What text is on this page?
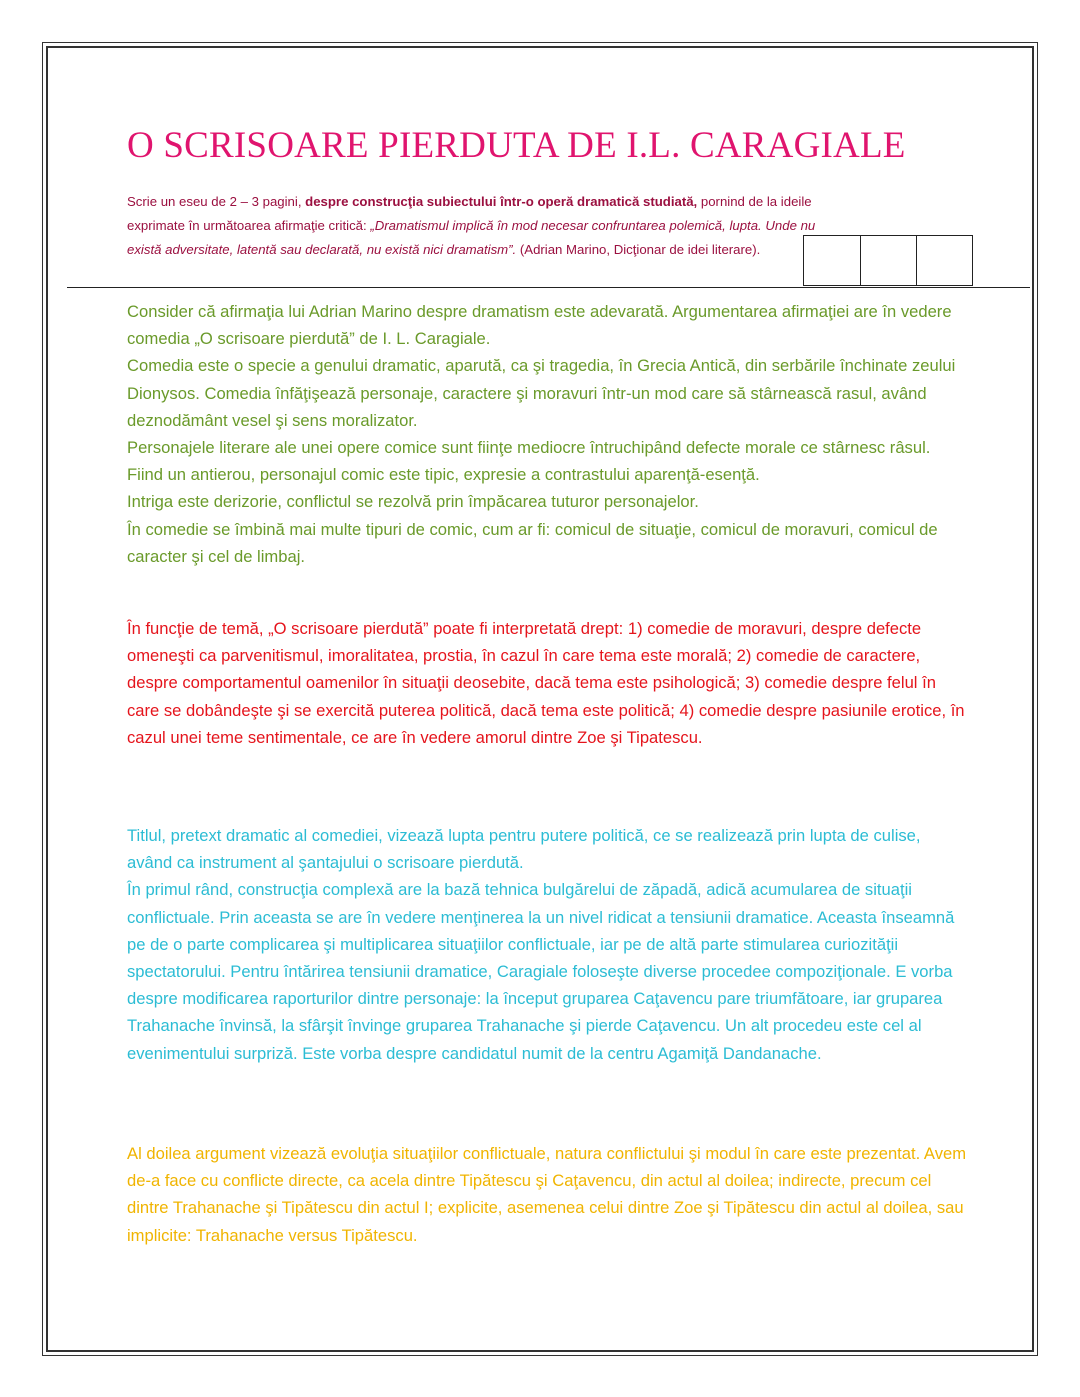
O SCRISOARE PIERDUTA DE I.L. CARAGIALE
Scrie un eseu de 2 – 3 pagini, despre construcţia subiectului într-o operă dramatică studiată, pornind de la ideile exprimate în următoarea afirmaţie critică: „Dramatismul implică în mod necesar confruntarea polemică, lupta. Unde nu există adversitate, latentă sau declarată, nu există nici dramatism”. (Adrian Marino, Dicţionar de idei literare).

Consider că afirmaţia lui Adrian Marino despre dramatism este adevarată. Argumentarea afirmaţiei are în vedere comedia „O scrisoare pierdută” de I. L. Caragiale.

Comedia este o specie a genului dramatic, aparută, ca şi tragedia, în Grecia Antică, din serbările închinate zeului Dionysos. Comedia înfăţişează personaje, caractere şi moravuri într-un mod care să stârnească rasul, având deznodământ vesel şi sens moralizator.

Personajele literare ale unei opere comice sunt fiinţe mediocre întruchipând defecte morale ce stârnesc râsul. Fiind un antierou, personajul comic este tipic, expresie a contrastului aparenţă-esenţă.

Intriga este derizorie, conflictul se rezolvă prin împăcarea tuturor personajelor.

În comedie se îmbină mai multe tipuri de comic, cum ar fi: comicul de situaţie, comicul de moravuri, comicul de caracter şi cel de limbaj.

În funcţie de temă, „O scrisoare pierdută” poate fi interpretată drept: 1) comedie de moravuri, despre defecte omeneşti ca parvenitismul, imoralitatea, prostia, în cazul în care tema este morală; 2) comedie de caractere, despre comportamentul oamenilor în situaţii deosebite, dacă tema este psihologică; 3) comedie despre felul în care se dobândeşte şi se exercită puterea politică, dacă tema este politică; 4) comedie despre pasiunile erotice, în cazul unei teme sentimentale, ce are în vedere amorul dintre Zoe şi Tipatescu.

Titlul, pretext dramatic al comediei, vizează lupta pentru putere politică, ce se realizează prin lupta de culise, având ca instrument al şantajului o scrisoare pierdută.

În primul rând, construcţia complexă are la bază tehnica bulgărelui de zăpadă, adică acumularea de situaţii conflictuale. Prin aceasta se are în vedere menţinerea la un nivel ridicat a tensiunii dramatice. Aceasta înseamnă pe de o parte complicarea şi multiplicarea situaţiilor conflictuale, iar pe de altă parte stimularea curiozităţii spectatorului. Pentru întărirea tensiunii dramatice, Caragiale foloseşte diverse procedee compoziţionale. E vorba despre modificarea raporturilor dintre personaje: la început gruparea Caţavencu pare triumfătoare, iar gruparea Trahanache învinsă, la sfârşit învinge gruparea Trahanache şi pierde Caţavencu. Un alt procedeu este cel al evenimentului surpriză. Este vorba despre candidatul numit de la centru Agamiţă Dandanache.

Al doilea argument vizează evoluţia situaţiilor conflictuale, natura conflictului şi modul în care este prezentat. Avem de-a face cu conflicte directe, ca acela dintre Tipătescu şi Caţavencu, din actul al doilea; indirecte, precum cel dintre Trahanache şi Tipătescu din actul I; explicite, asemenea celui dintre Zoe şi Tipătescu din actul al doilea, sau implicite: Trahanache versus Tipătescu.
